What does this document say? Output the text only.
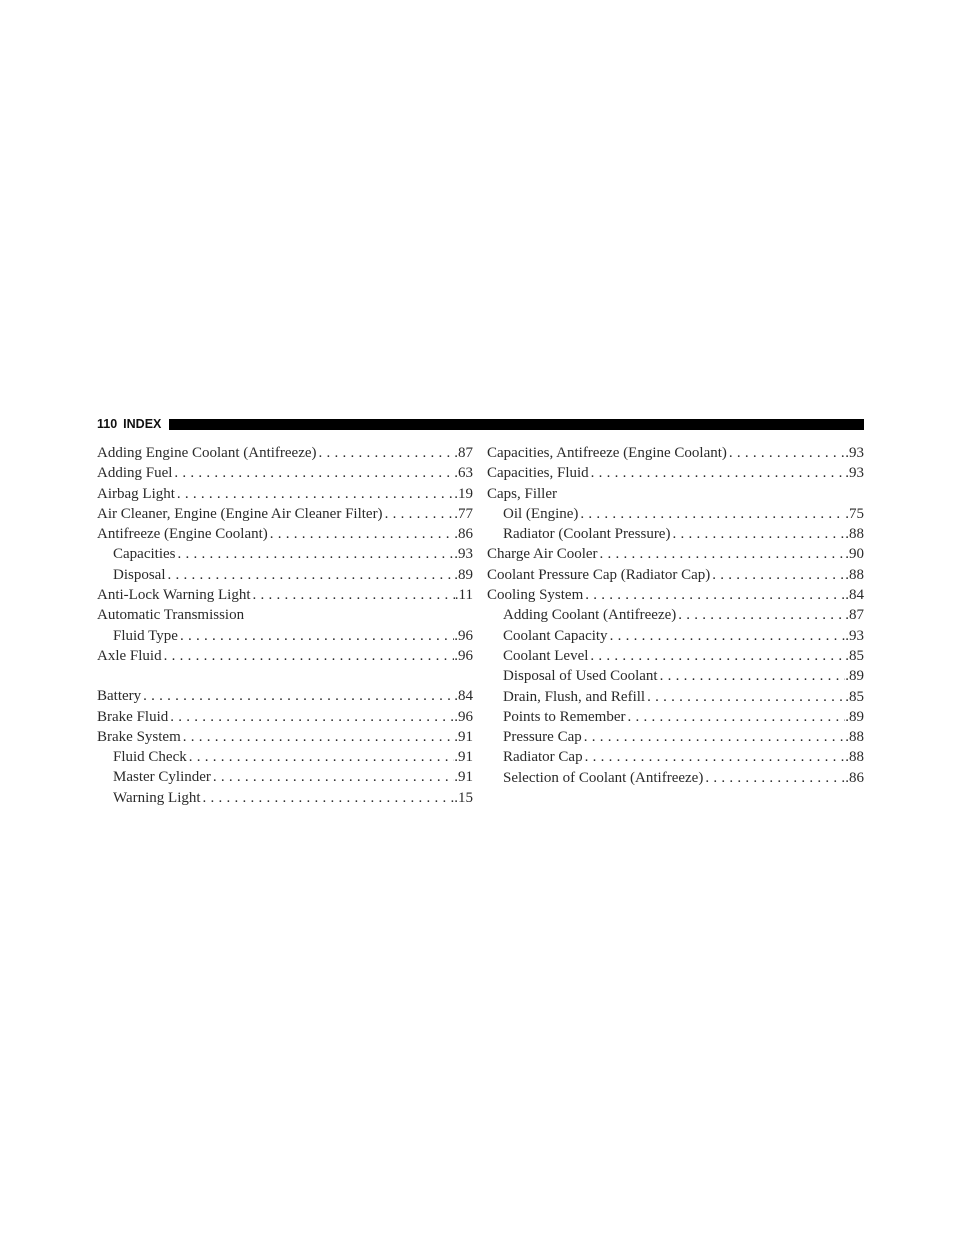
110 INDEX
Adding Engine Coolant (Antifreeze) . . .	.87
Adding Fuel . . .	.63
Airbag Light . . .	.19
Air Cleaner, Engine (Engine Air Cleaner Filter) . . .	.77
Antifreeze (Engine Coolant) . . .	.86
Capacities . . .	.93
Disposal . . .	.89
Anti-Lock Warning Light . . .	.11
Automatic Transmission
Fluid Type . . .	.96
Axle Fluid . . .	.96
Battery . . .	.84
Brake Fluid . . .	.96
Brake System . . .	.91
Fluid Check . . .	.91
Master Cylinder . . .	.91
Warning Light . . .	.15
Capacities, Antifreeze (Engine Coolant) . . .	.93
Capacities, Fluid . . .	.93
Caps, Filler
Oil (Engine) . . .	.75
Radiator (Coolant Pressure) . . .	.88
Charge Air Cooler . . .	.90
Coolant Pressure Cap (Radiator Cap) . . .	.88
Cooling System . . .	.84
Adding Coolant (Antifreeze) . . .	.87
Coolant Capacity . . .	.93
Coolant Level . . .	.85
Disposal of Used Coolant . . .	.89
Drain, Flush, and Refill . . .	.85
Points to Remember . . .	.89
Pressure Cap . . .	.88
Radiator Cap . . .	.88
Selection of Coolant (Antifreeze) . . .	.86
